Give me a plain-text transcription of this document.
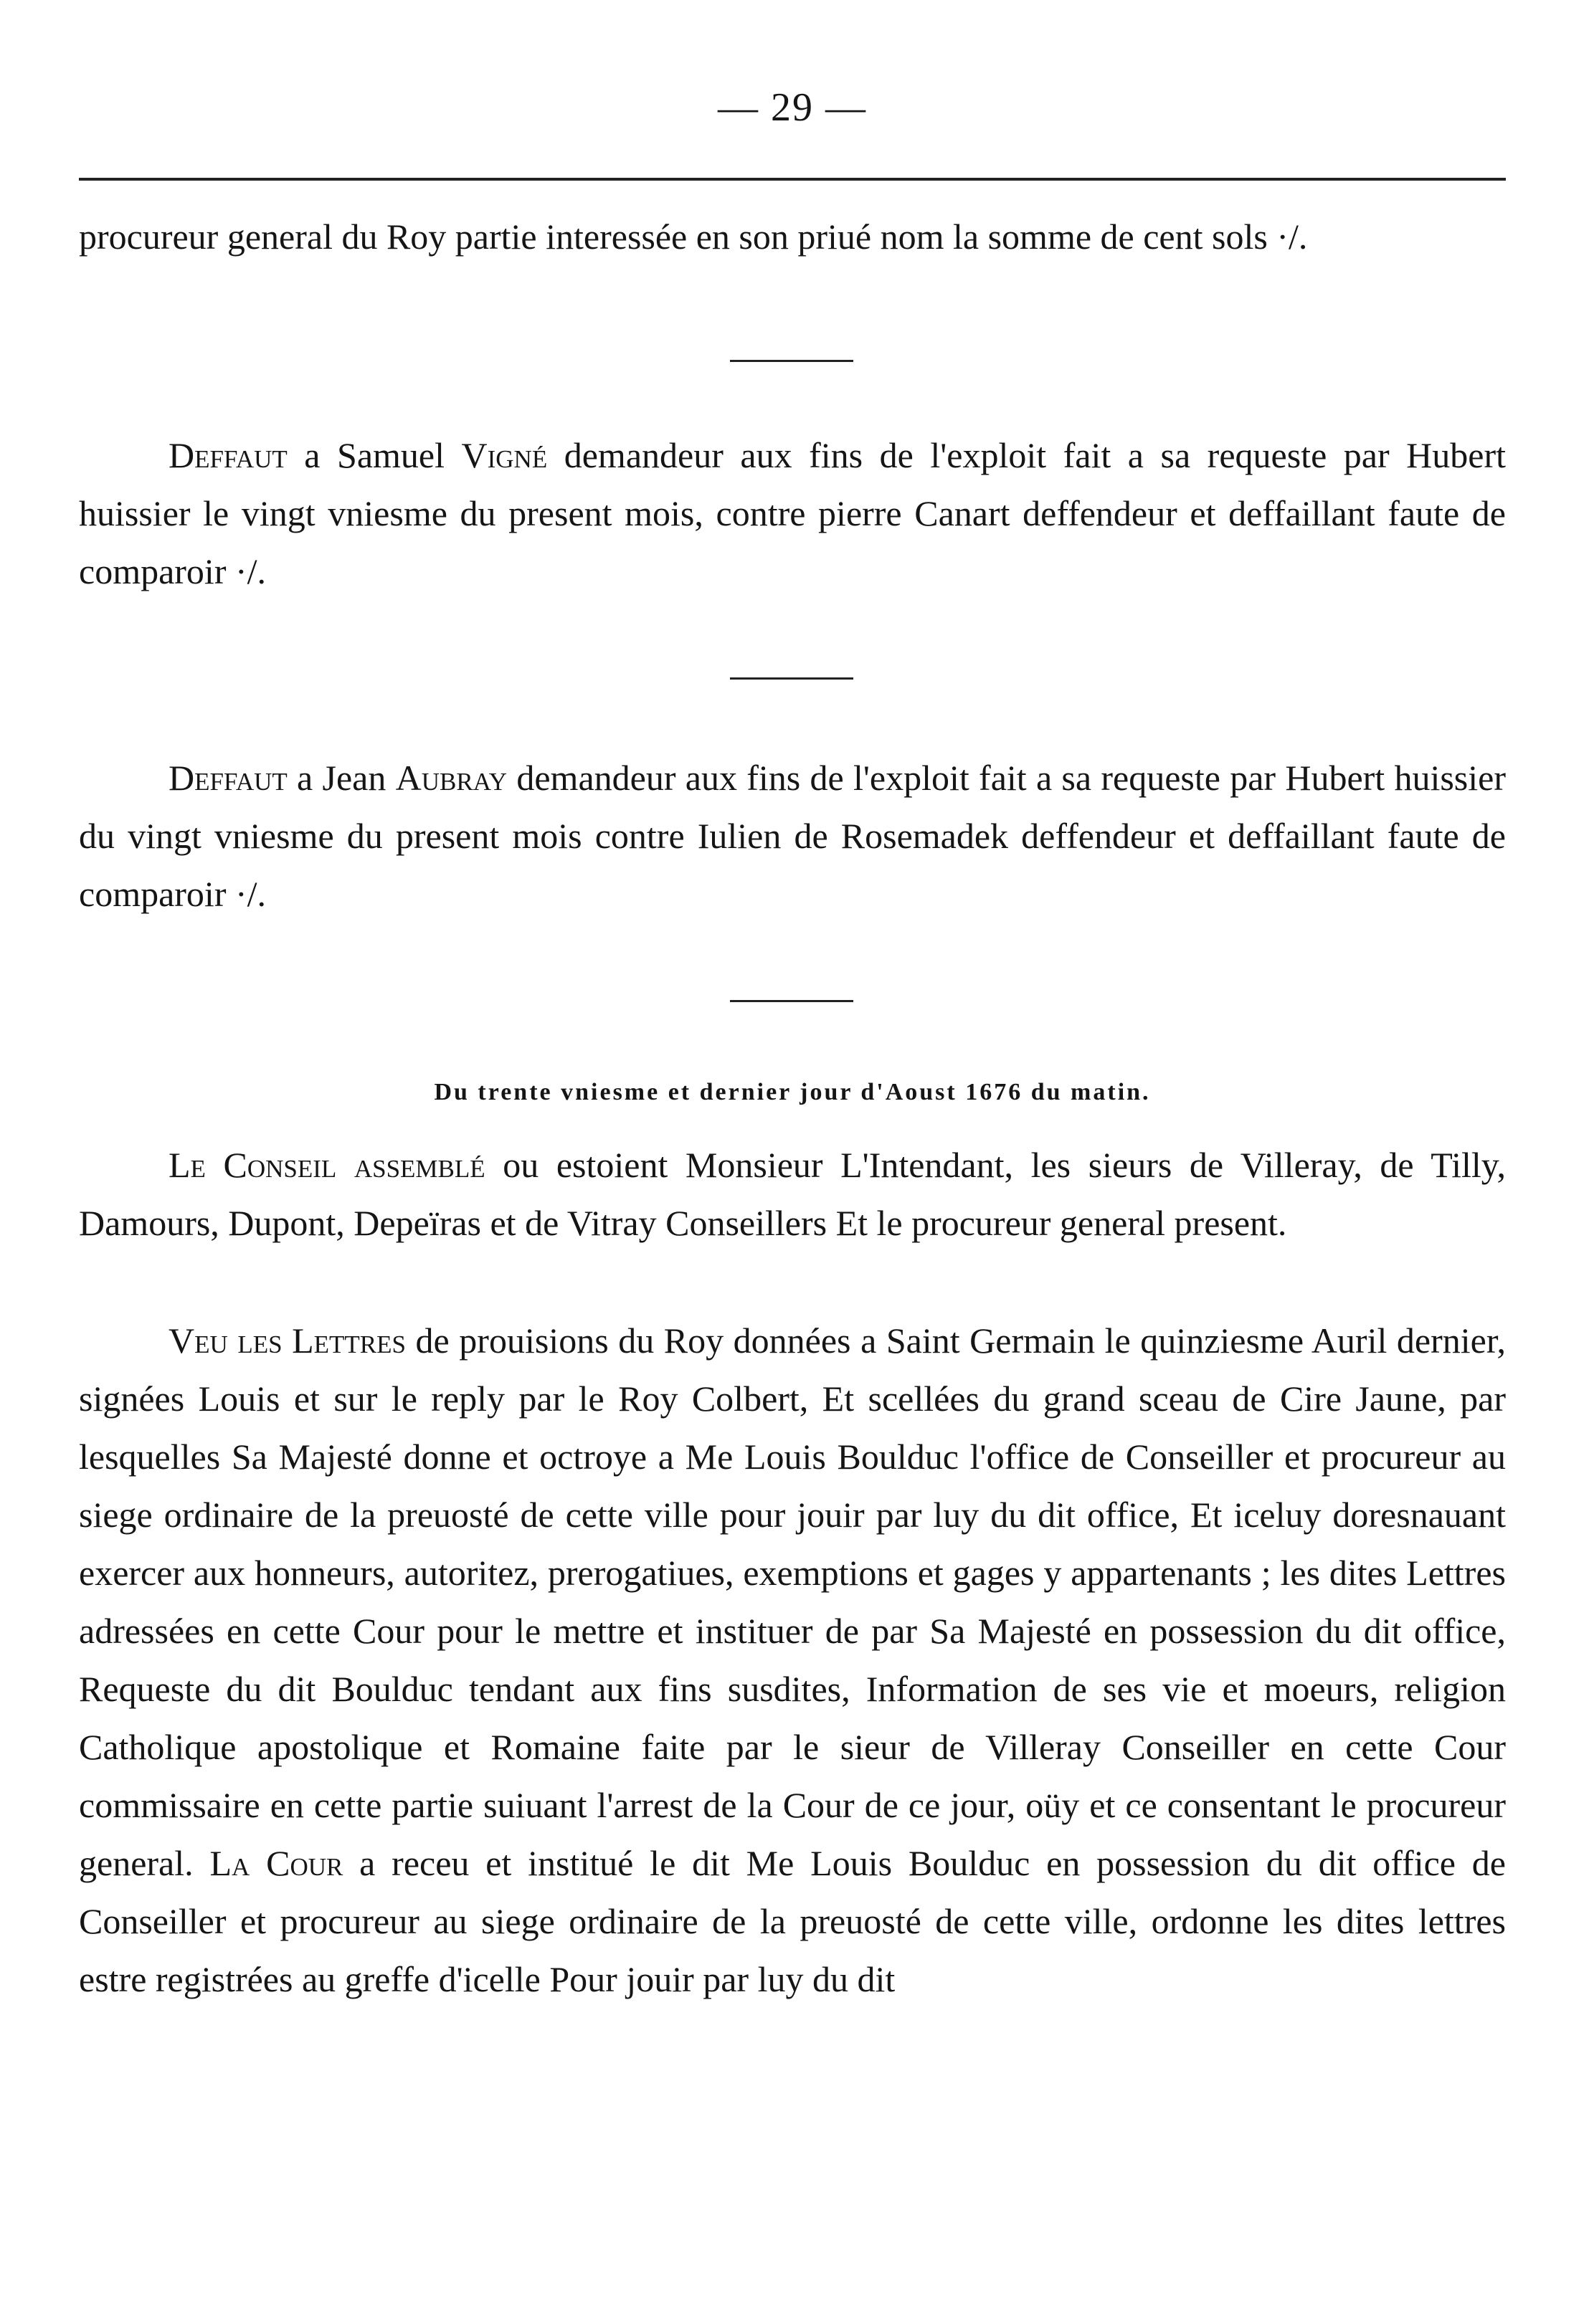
— 29 —

procureur general du Roy partie interessée en son priué nom la somme de cent sols ·/.

Deffaut a Samuel Vigné demandeur aux fins de l'exploit fait a sa requeste par Hubert huissier le vingt vniesme du present mois, contre pierre Canart deffendeur et deffaillant faute de comparoir ·/.

Deffaut a Jean Aubray demandeur aux fins de l'exploit fait a sa requeste par Hubert huissier du vingt vniesme du present mois contre Iulien de Rosemadek deffendeur et deffaillant faute de comparoir ·/.

Du trente vniesme et dernier jour d'Aoust 1676 du matin.

Le Conseil assemblé ou estoient Monsieur L'Intendant, les sieurs de Villeray, de Tilly, Damours, Dupont, Depeïras et de Vitray Conseillers Et le procureur general present.

Veu les Lettres de prouisions du Roy données a Saint Germain le quinziesme Auril dernier, signées Louis et sur le reply par le Roy Colbert, Et scellées du grand sceau de Cire Jaune, par lesquelles Sa Majesté donne et octroye a Me Louis Boulduc l'office de Conseiller et procureur au siege ordinaire de la preuosté de cette ville pour jouir par luy du dit office, Et iceluy doresnauant exercer aux honneurs, autoritez, prerogatiues, exemptions et gages y appartenants ; les dites Lettres adressées en cette Cour pour le mettre et instituer de par Sa Majesté en possession du dit office, Requeste du dit Boulduc tendant aux fins susdites, Information de ses vie et moeurs, religion Catholique apostolique et Romaine faite par le sieur de Villeray Conseiller en cette Cour commissaire en cette partie suiuant l'arrest de la Cour de ce jour, oüy et ce consentant le procureur general. La Cour a receu et institué le dit Me Louis Boulduc en possession du dit office de Conseiller et procureur au siege ordinaire de la preuosté de cette ville, ordonne les dites lettres estre registrées au greffe d'icelle Pour jouir par luy du dit
